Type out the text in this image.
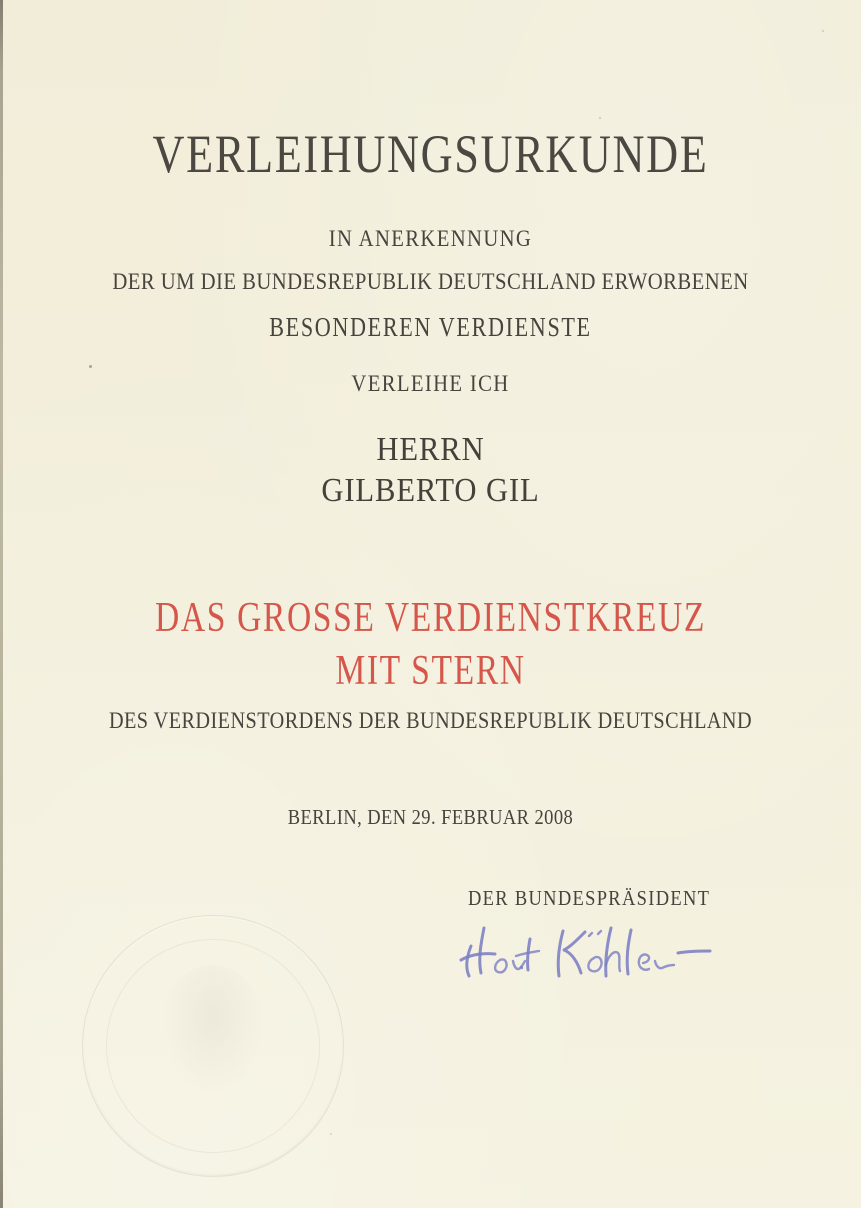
VERLEIHUNGSURKUNDE
IN ANERKENNUNG
DER UM DIE BUNDESREPUBLIK DEUTSCHLAND ERWORBENEN
BESONDEREN VERDIENSTE
VERLEIHE ICH
HERRN
GILBERTO GIL
DAS GROSSE VERDIENSTKREUZ
MIT STERN
DES VERDIENSTORDENS DER BUNDESREPUBLIK DEUTSCHLAND
BERLIN, DEN 29. FEBRUAR 2008
DER BUNDESPRÄSIDENT
